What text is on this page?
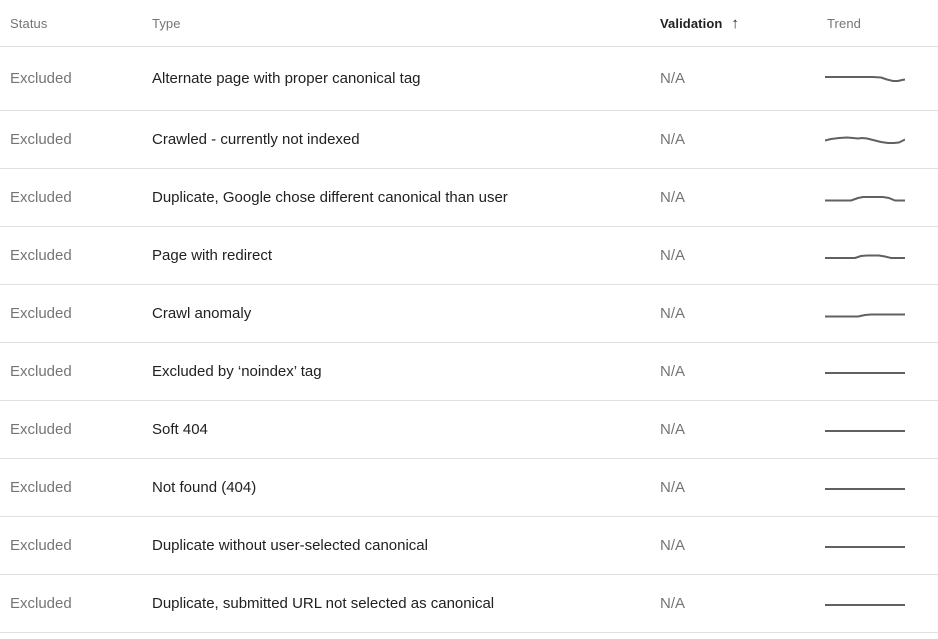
Status	Type	Validation ↑	Trend
Excluded	Alternate page with proper canonical tag	N/A
Excluded	Crawled - currently not indexed	N/A
Excluded	Duplicate, Google chose different canonical than user	N/A
Excluded	Page with redirect	N/A
Excluded	Crawl anomaly	N/A
Excluded	Excluded by ‘noindex’ tag	N/A
Excluded	Soft 404	N/A
Excluded	Not found (404)	N/A
Excluded	Duplicate without user-selected canonical	N/A
Excluded	Duplicate, submitted URL not selected as canonical	N/A
